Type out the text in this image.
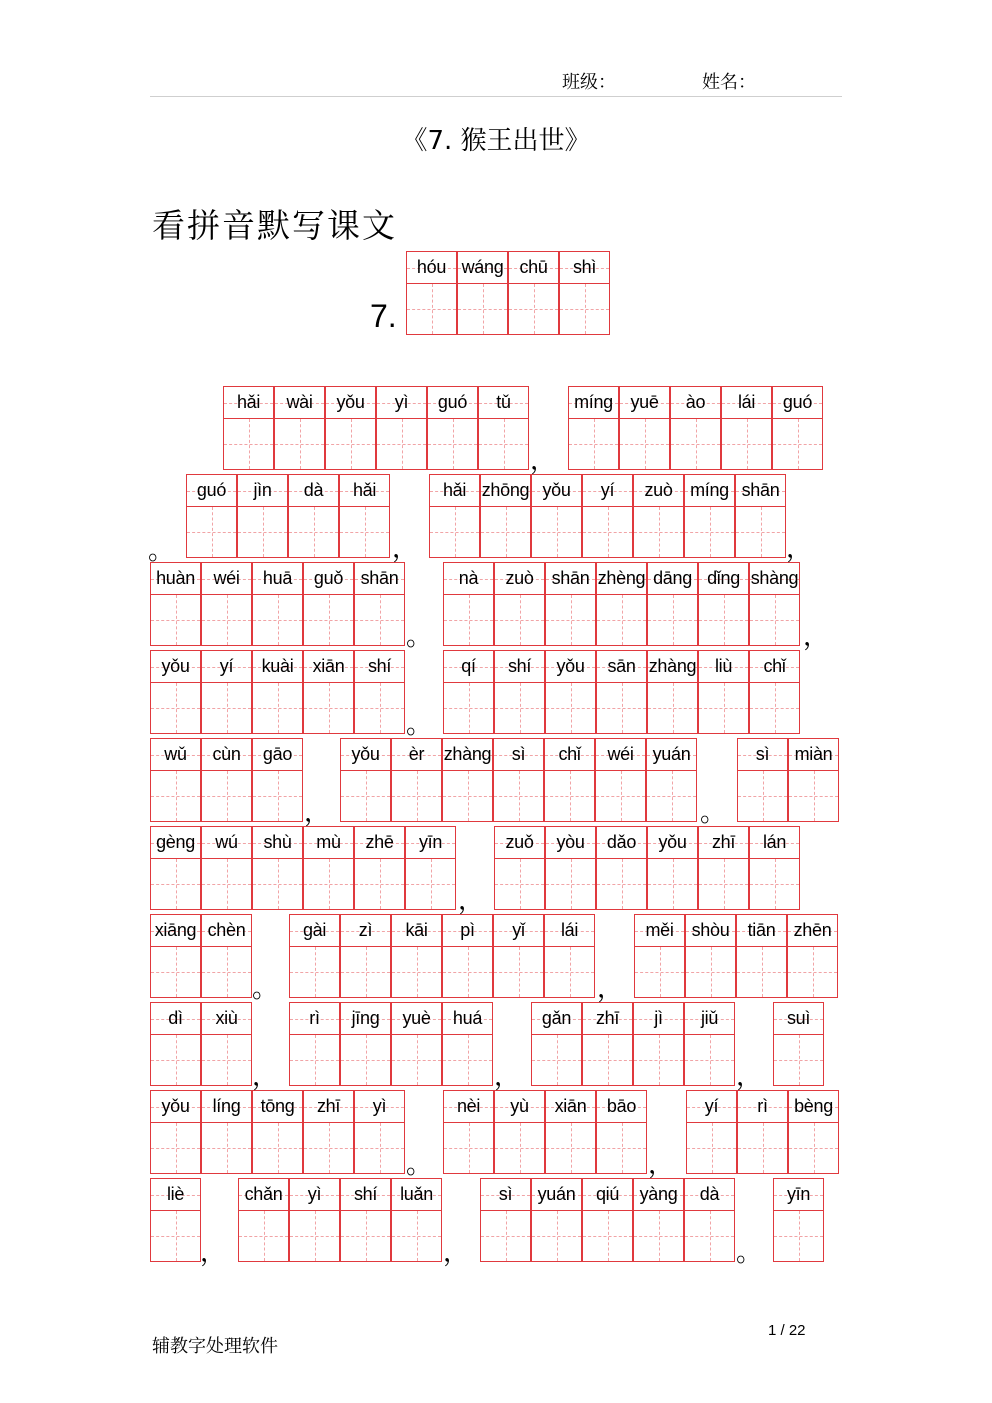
班级：	姓名：
《7. 猴王出世》
看拼音默写课文
7.
hóu wáng chū	shì
hǎi	wài	yǒu	yì	guó	tǔ	míng yuē	ào	lái	guó
guó	jìn	dà	hǎi	hǎi zhōng yǒu	yí	zuò míng shān
huàn	wéi	huā	guǒ shān	nà	zuò	shān zhèng dāng dǐng shàng
yǒu	yí	kuài	xiān	shí	qí	shí	yǒu	sān zhàng	liù	chǐ
wǔ	cùn	gāo	yǒu	èr	zhàng	sì	chǐ	wéi	yuán	sì	miàn
gèng	wú	shù	mù	zhē	yīn	zuǒ	yòu	dǎo	yǒu	zhī	lán
xiāng chèn	gài	zì	kāi	pì	yǐ	lái	měi	shòu	tiān	zhēn
dì	xiù	rì	jīng	yuè	huá	gǎn	zhī	jì	jiǔ	suì
yǒu	líng	tōng	zhī	yì	nèi	yù	xiān	bāo	yí	rì	bèng
liè	chǎn	yì	shí	luǎn	sì	yuán	qiú	yàng	dà	yīn
，
。	，	，
。	，
。
，	。
，
。	，
，	，	，
。	，
，	，	。
辅教字处理软件
1 / 22
